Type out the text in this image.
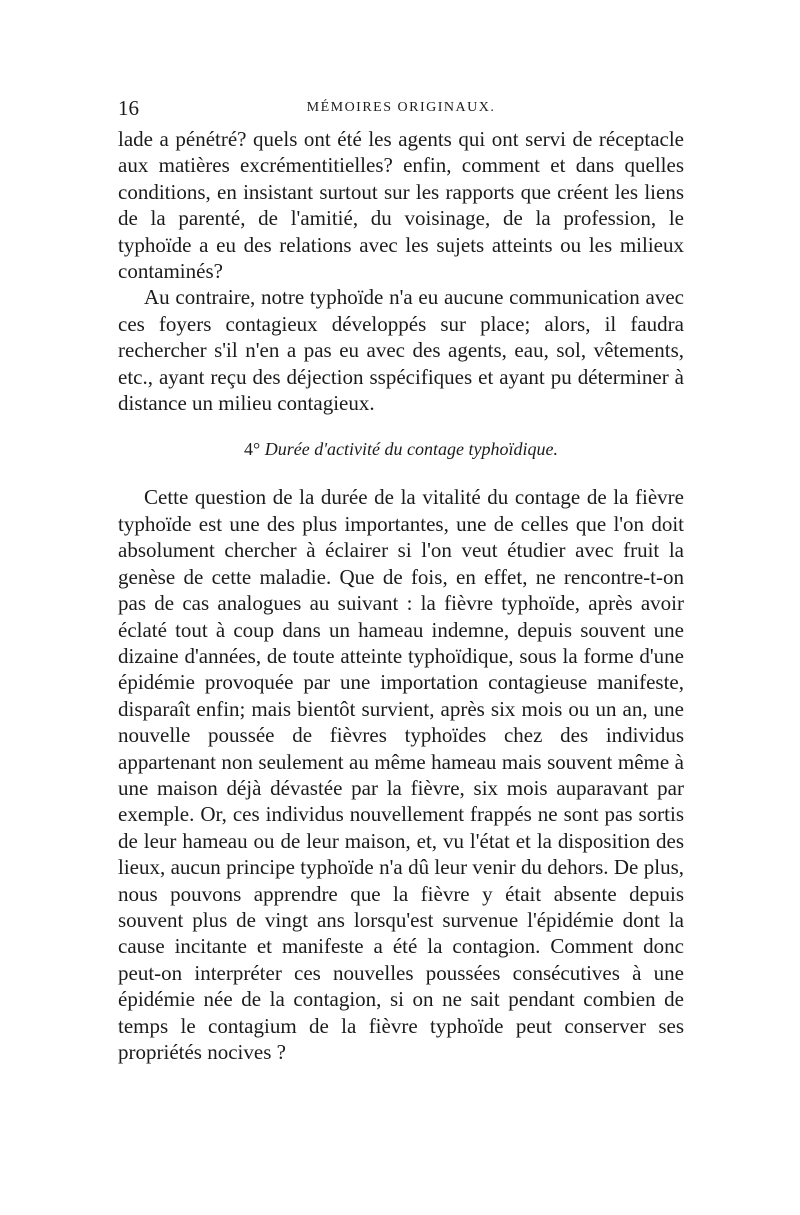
16	MÉMOIRES ORIGINAUX.

lade a pénétré? quels ont été les agents qui ont servi de réceptacle aux matières excrémentitielles? enfin, comment et dans quelles conditions, en insistant surtout sur les rapports que créent les liens de la parenté, de l'amitié, du voisinage, de la profession, le typhoïde a eu des relations avec les sujets atteints ou les milieux contaminés?

Au contraire, notre typhoïde n'a eu aucune communication avec ces foyers contagieux développés sur place; alors, il faudra rechercher s'il n'en a pas eu avec des agents, eau, sol, vêtements, etc., ayant reçu des déjection sspécifiques et ayant pu déterminer à distance un milieu contagieux.

4° Durée d'activité du contage typhoïdique.

Cette question de la durée de la vitalité du contage de la fièvre typhoïde est une des plus importantes, une de celles que l'on doit absolument chercher à éclairer si l'on veut étudier avec fruit la genèse de cette maladie. Que de fois, en effet, ne rencontre-t-on pas de cas analogues au suivant : la fièvre typhoïde, après avoir éclaté tout à coup dans un hameau indemne, depuis souvent une dizaine d'années, de toute atteinte typhoïdique, sous la forme d'une épidémie provoquée par une importation contagieuse manifeste, disparaît enfin; mais bientôt survient, après six mois ou un an, une nouvelle poussée de fièvres typhoïdes chez des individus appartenant non seulement au même hameau mais souvent même à une maison déjà dévastée par la fièvre, six mois auparavant par exemple. Or, ces individus nouvellement frappés ne sont pas sortis de leur hameau ou de leur maison, et, vu l'état et la disposition des lieux, aucun principe typhoïde n'a dû leur venir du dehors. De plus, nous pouvons apprendre que la fièvre y était absente depuis souvent plus de vingt ans lorsqu'est survenue l'épidémie dont la cause incitante et manifeste a été la contagion. Comment donc peut-on interpréter ces nouvelles poussées consécutives à une épidémie née de la contagion, si on ne sait pendant combien de temps le contagium de la fièvre typhoïde peut conserver ses propriétés nocives ?
